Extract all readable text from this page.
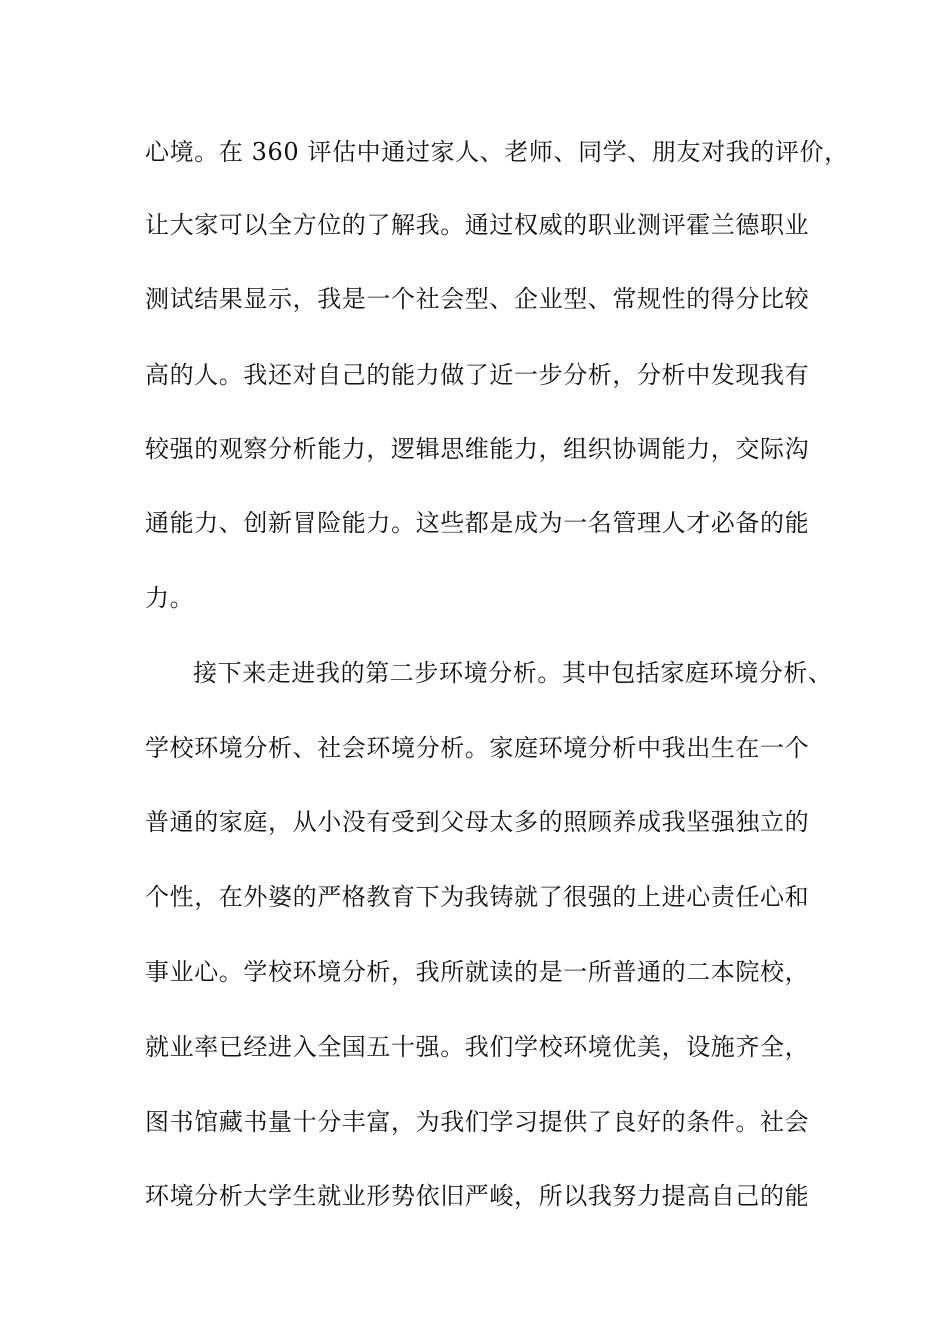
心境。在 360 评估中通过家人、老师、同学、朋友对我的评价，
让大家可以全方位的了解我。通过权威的职业测评霍兰德职业
测试结果显示，我是一个社会型、企业型、常规性的得分比较
高的人。我还对自己的能力做了近一步分析，分析中发现我有
较强的观察分析能力，逻辑思维能力，组织协调能力，交际沟
通能力、创新冒险能力。这些都是成为一名管理人才必备的能
力。
接下来走进我的第二步环境分析。其中包括家庭环境分析、
学校环境分析、社会环境分析。家庭环境分析中我出生在一个
普通的家庭，从小没有受到父母太多的照顾养成我坚强独立的
个性，在外婆的严格教育下为我铸就了很强的上进心责任心和
事业心。学校环境分析，我所就读的是一所普通的二本院校，
就业率已经进入全国五十强。我们学校环境优美，设施齐全，
图书馆藏书量十分丰富，为我们学习提供了良好的条件。社会
环境分析大学生就业形势依旧严峻，所以我努力提高自己的能
